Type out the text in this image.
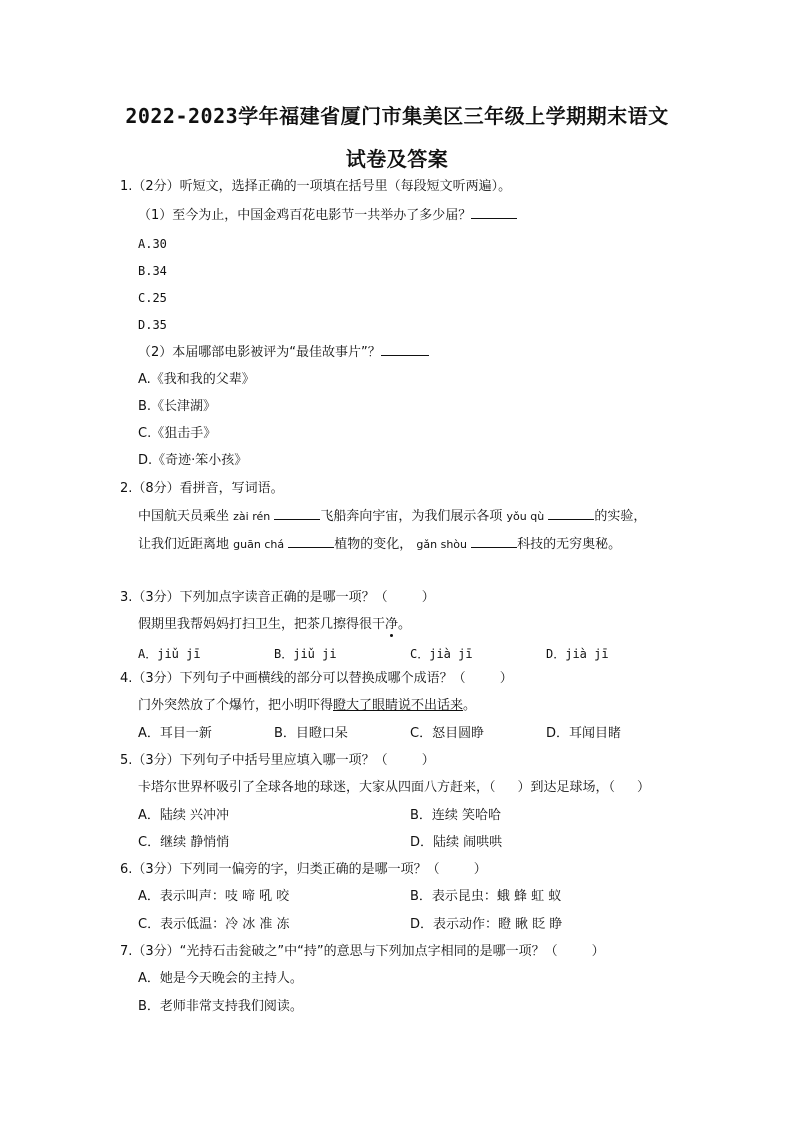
2022-2023学年福建省厦门市集美区三年级上学期期末语文
试卷及答案
1.（2分）听短文，选择正确的一项填在括号里（每段短文听两遍）。
（1）至今为止，中国金鸡百花电影节一共举办了多少届？
A.30
B.34
C.25
D.35
（2）本届哪部电影被评为“最佳故事片”？
A.《我和我的父辈》
B.《长津湖》
C.《狙击手》
D.《奇迹·笨小孩》
2.（8分）看拼音，写词语。
中国航天员乘坐 zài rén	飞船奔向宇宙，为我们展示各项 yǒu qù	的实验，
让我们近距离地 guān chá	植物的变化， gǎn shòu	科技的无穷奥秘。
3.（3分）下列加点字读音正确的是哪一项？（	）
假期里我帮妈妈打扫卫生，把茶几擦得很干净。
A．jiǔ jī	B．jiǔ ji	C．jià jī	D．jià jī
4.（3分）下列句子中画横线的部分可以替换成哪个成语？（	）
门外突然放了个爆竹，把小明吓得瞪大了眼睛说不出话来。
A．耳目一新	B．目瞪口呆	C．怒目圆睁	D．耳闻目睹
5.（3分）下列句子中括号里应填入哪一项？（	）
卡塔尔世界杯吸引了全球各地的球迷，大家从四面八方赶来，（ ）到达足球场，（ ）
A．陆续 兴冲冲	B．连续 笑哈哈
C．继续 静悄悄	D．陆续 闹哄哄
6.（3分）下列同一偏旁的字，归类正确的是哪一项？（	）
A．表示叫声：吱 啼 吼 咬	B．表示昆虫：蛾 蜂 虹 蚁
C．表示低温：冷 冰 准 冻	D．表示动作：瞪 瞅 眨 睁
7.（3分）“光持石击瓮破之”中“持”的意思与下列加点字相同的是哪一项？（	）
A．她是今天晚会的主持人。
B．老师非常支持我们阅读。
